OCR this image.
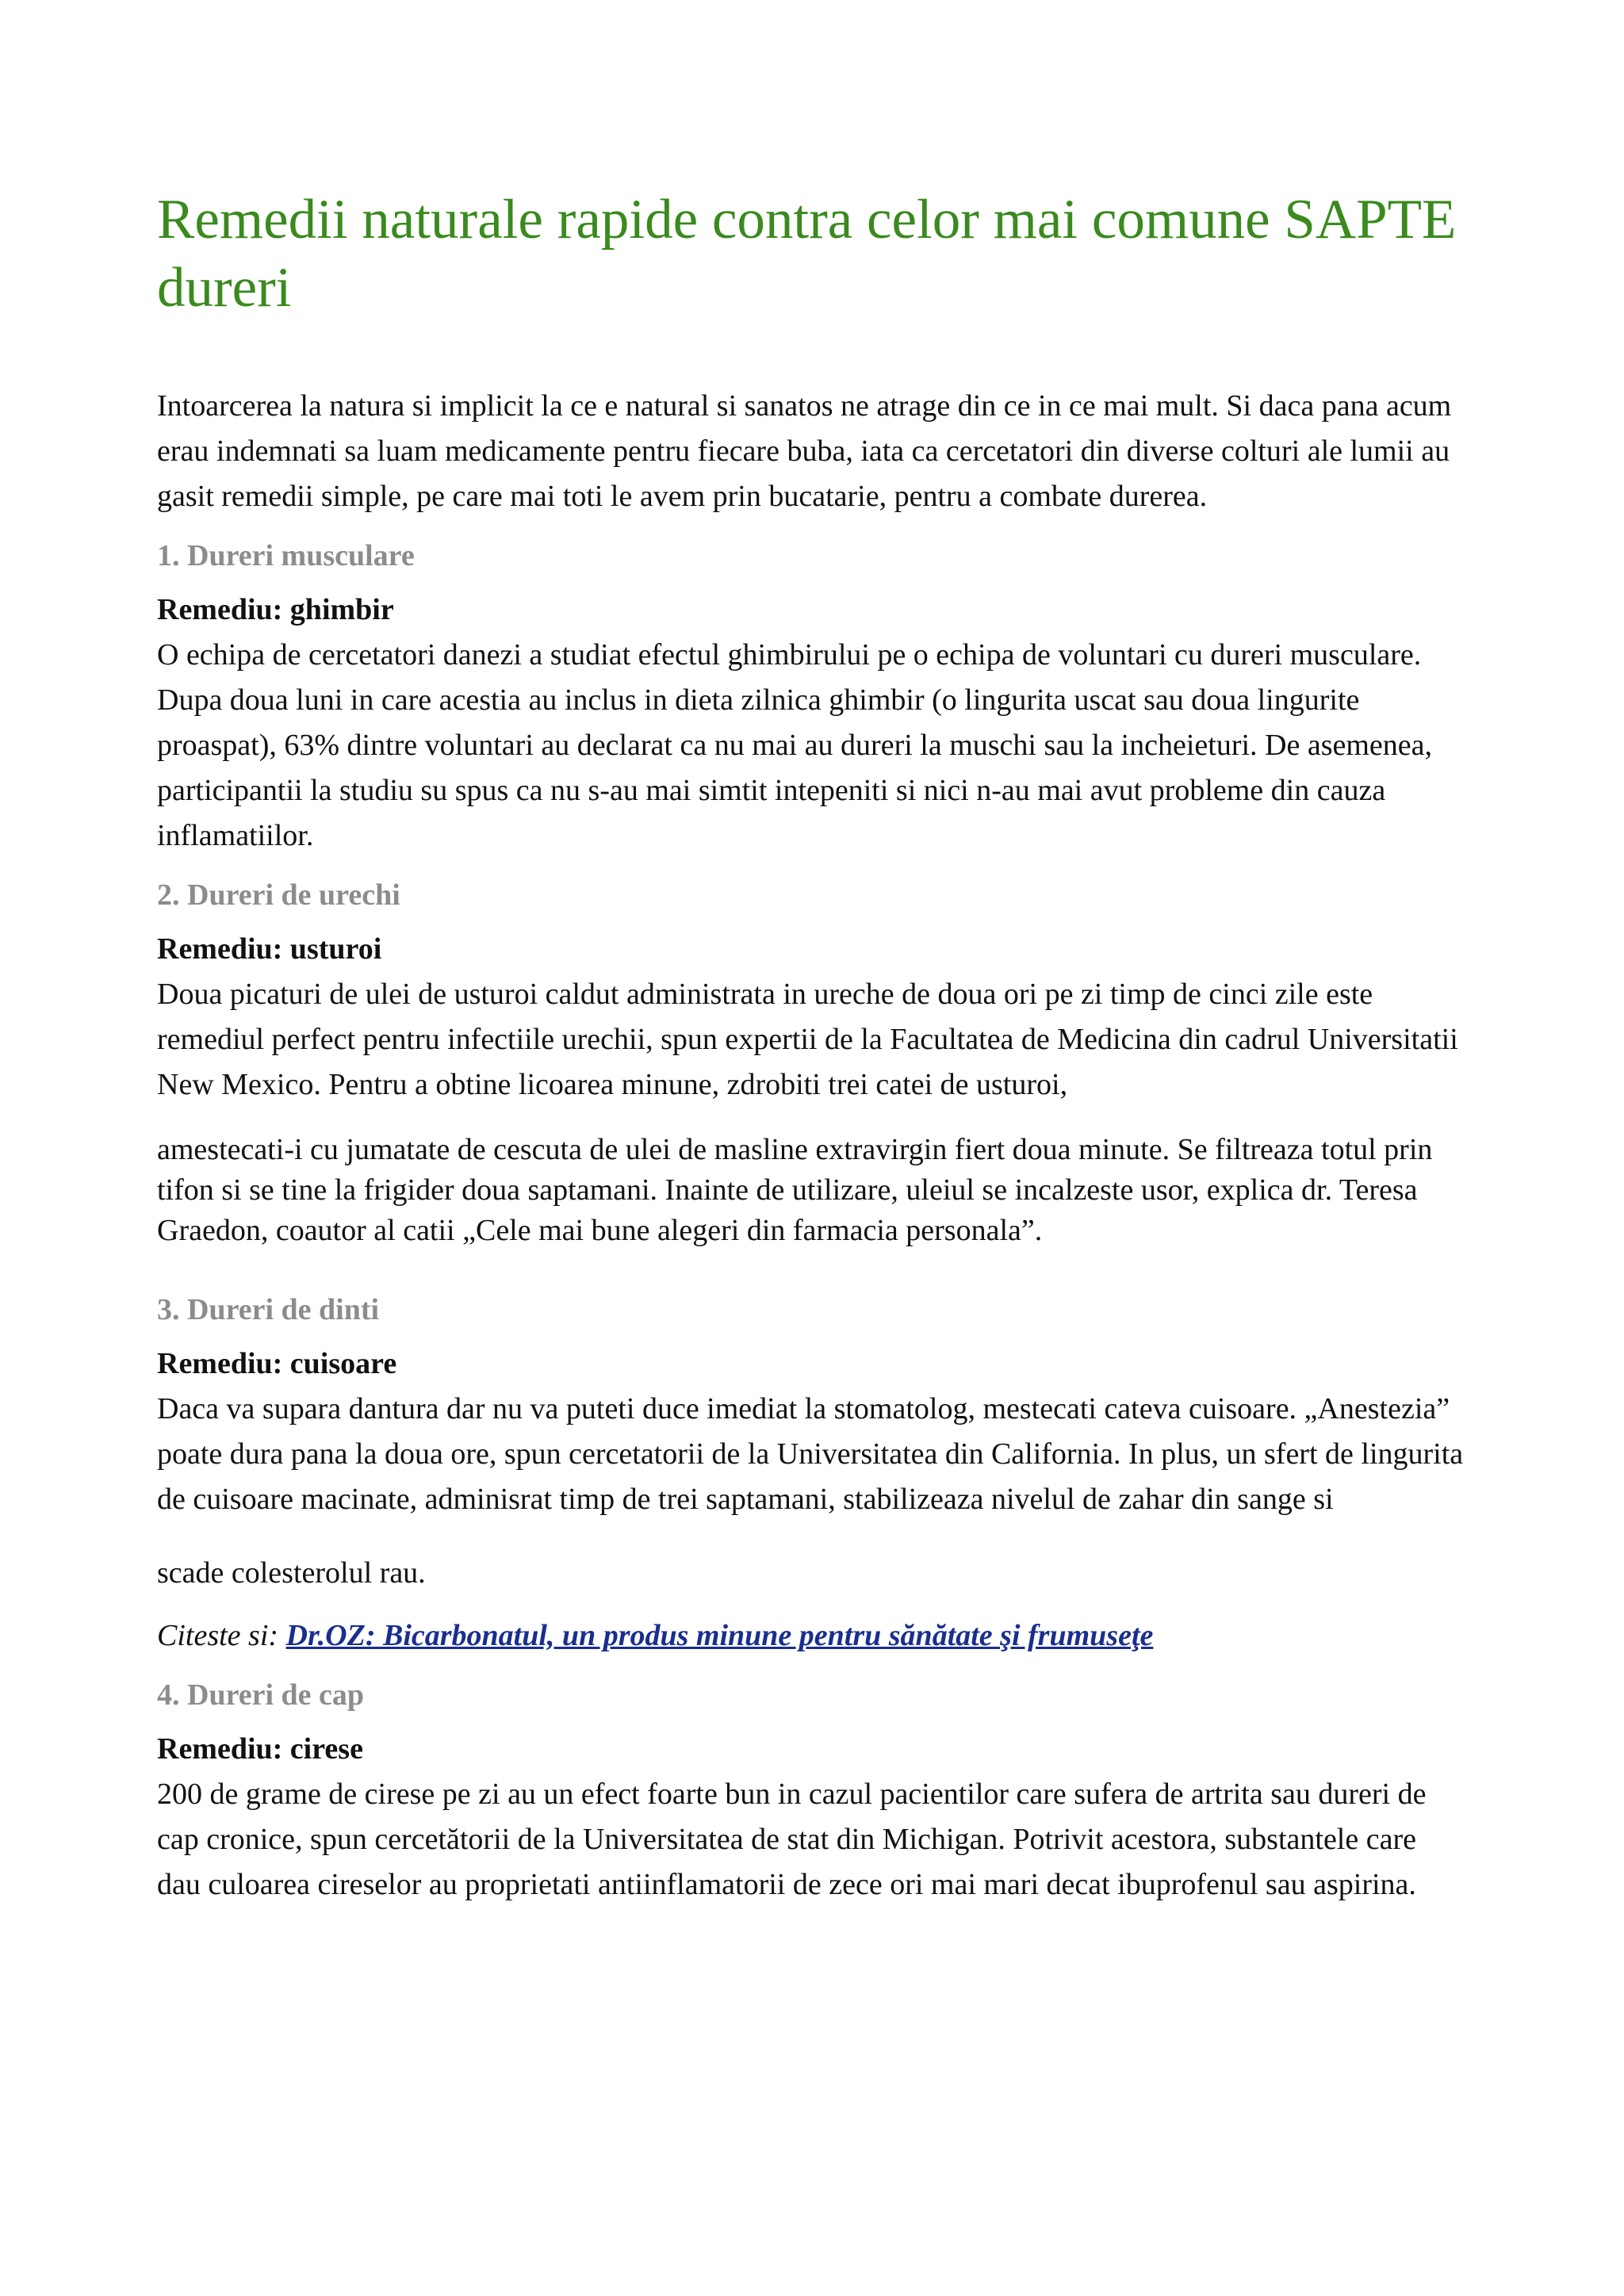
Remedii naturale rapide contra celor mai comune SAPTE dureri

Intoarcerea la natura si implicit la ce e natural si sanatos ne atrage din ce in ce mai mult. Si daca pana acum erau indemnati sa luam medicamente pentru fiecare buba, iata ca cercetatori din diverse colturi ale lumii au gasit remedii simple, pe care mai toti le avem prin bucatarie, pentru a combate durerea.

1. Dureri musculare
Remediu: ghimbir

O echipa de cercetatori danezi a studiat efectul ghimbirului pe o echipa de voluntari cu dureri musculare. Dupa doua luni in care acestia au inclus in dieta zilnica ghimbir (o lingurita uscat sau doua lingurite proaspat), 63% dintre voluntari au declarat ca nu mai au dureri la muschi sau la incheieturi. De asemenea, participantii la studiu su spus ca nu s-au mai simtit intepeniti si nici n-au mai avut probleme din cauza inflamatiilor.

2. Dureri de urechi
Remediu: usturoi

Doua picaturi de ulei de usturoi caldut administrata in ureche de doua ori pe zi timp de cinci zile este remediul perfect pentru infectiile urechii, spun expertii de la Facultatea de Medicina din cadrul Universitatii New Mexico. Pentru a obtine licoarea minune, zdrobiti trei catei de usturoi,

amestecati-i cu jumatate de cescuta de ulei de masline extravirgin fiert doua minute. Se filtreaza totul prin tifon si se tine la frigider doua saptamani. Inainte de utilizare, uleiul se incalzeste usor, explica dr. Teresa Graedon, coautor al catii „Cele mai bune alegeri din farmacia personala”.

3. Dureri de dinti
Remediu: cuisoare

Daca va supara dantura dar nu va puteti duce imediat la stomatolog, mestecati cateva cuisoare. „Anestezia” poate dura pana la doua ore, spun cercetatorii de la Universitatea din California. In plus, un sfert de lingurita de cuisoare macinate, adminisrat timp de trei saptamani, stabilizeaza nivelul de zahar din sange si

scade colesterolul rau.

Citeste si: Dr.OZ: Bicarbonatul, un produs minune pentru sănătate şi frumuseţe

4. Dureri de cap
Remediu: cirese

200 de grame de cirese pe zi au un efect foarte bun in cazul pacientilor care sufera de artrita sau dureri de cap cronice, spun cercetătorii de la Universitatea de stat din Michigan. Potrivit acestora, substantele care dau culoarea cireselor au proprietati antiinflamatorii de zece ori mai mari decat ibuprofenul sau aspirina.
